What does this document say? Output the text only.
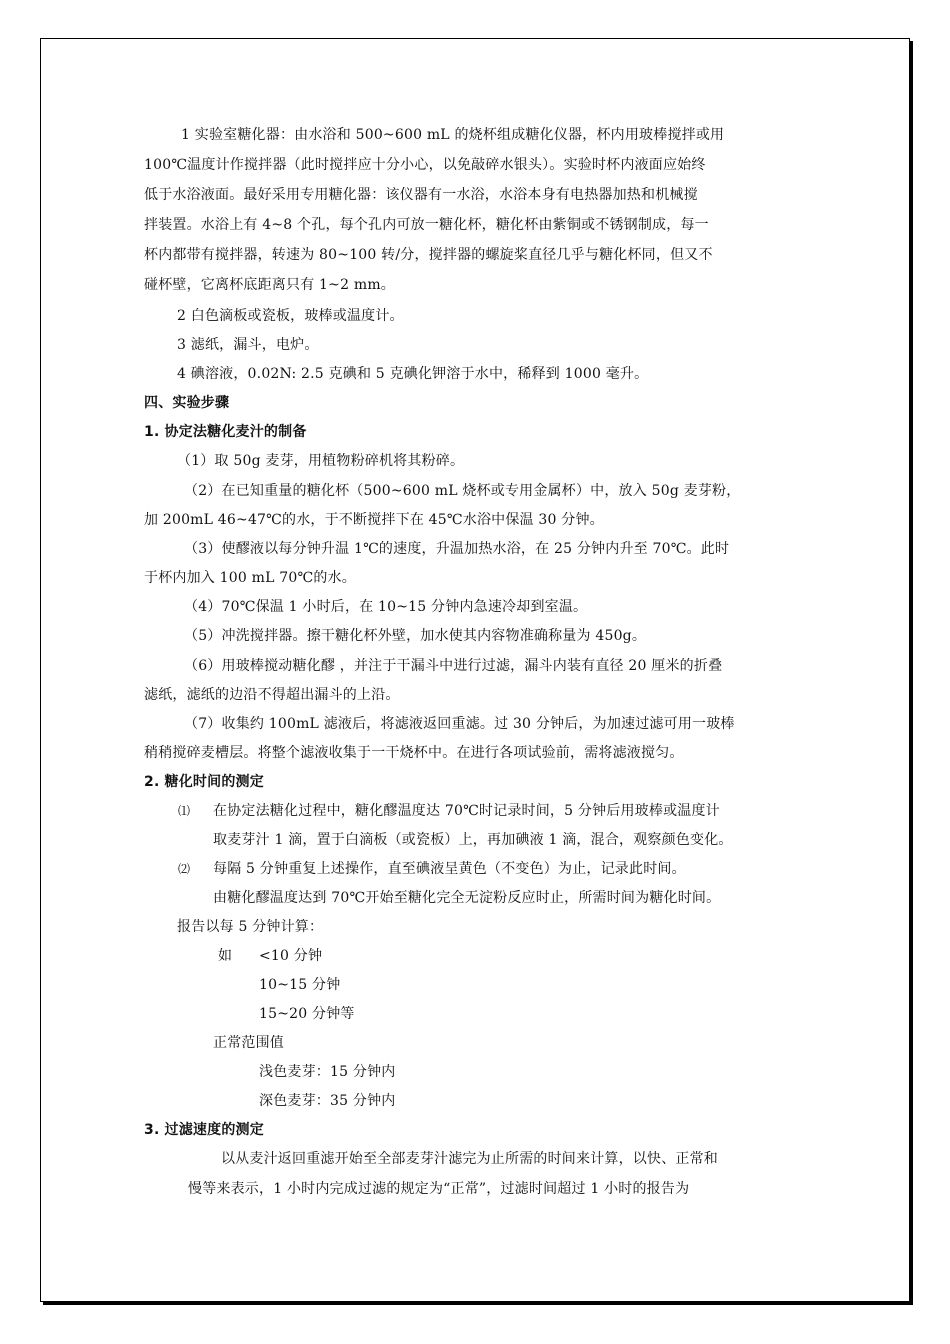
1 实验室糖化器：由水浴和 500~600 mL 的烧杯组成糖化仪器，杯内用玻棒搅拌或用
100℃温度计作搅拌器（此时搅拌应十分小心，以免敲碎水银头）。实验时杯内液面应始终
低于水浴液面。最好采用专用糖化器：该仪器有一水浴，水浴本身有电热器加热和机械搅
拌装置。水浴上有 4~8 个孔，每个孔内可放一糖化杯，糖化杯由紫铜或不锈钢制成，每一
杯内都带有搅拌器，转速为 80~100 转/分，搅拌器的螺旋桨直径几乎与糖化杯同，但又不
碰杯壁，它离杯底距离只有 1~2 mm。
2 白色滴板或瓷板，玻棒或温度计。
3 滤纸，漏斗，电炉。
4 碘溶液，0.02N: 2.5 克碘和 5 克碘化钾溶于水中，稀释到 1000 毫升。
四、实验步骤
1. 协定法糖化麦汁的制备
（1）取 50g 麦芽，用植物粉碎机将其粉碎。
（2）在已知重量的糖化杯（500~600 mL 烧杯或专用金属杯）中，放入 50g 麦芽粉，
加 200mL 46~47℃的水，于不断搅拌下在 45℃水浴中保温 30 分钟。
（3）使醪液以每分钟升温 1℃的速度，升温加热水浴，在 25 分钟内升至 70℃。此时
于杯内加入 100 mL 70℃的水。
（4）70℃保温 1 小时后，在 10~15 分钟内急速冷却到室温。
（5）冲洗搅拌器。擦干糖化杯外壁，加水使其内容物准确称量为 450g。
（6）用玻棒搅动糖化醪 ，并注于干漏斗中进行过滤，漏斗内装有直径 20 厘米的折叠
滤纸，滤纸的边沿不得超出漏斗的上沿。
（7）收集约 100mL 滤液后，将滤液返回重滤。过 30 分钟后，为加速过滤可用一玻棒
稍稍搅碎麦槽层。将整个滤液收集于一干烧杯中。在进行各项试验前，需将滤液搅匀。
2. 糖化时间的测定
⑴ 在协定法糖化过程中，糖化醪温度达 70℃时记录时间，5 分钟后用玻棒或温度计
取麦芽汁 1 滴，置于白滴板（或瓷板）上，再加碘液 1 滴，混合，观察颜色变化。
⑵ 每隔 5 分钟重复上述操作，直至碘液呈黄色（不变色）为止，记录此时间。
由糖化醪温度达到 70℃开始至糖化完全无淀粉反应时止，所需时间为糖化时间。
报告以每 5 分钟计算：
如 <10 分钟
10~15 分钟
15~20 分钟等
正常范围值
浅色麦芽：15 分钟内
深色麦芽：35 分钟内
3. 过滤速度的测定
以从麦汁返回重滤开始至全部麦芽汁滤完为止所需的时间来计算，以快、正常和
慢等来表示，1 小时内完成过滤的规定为“正常”，过滤时间超过 1 小时的报告为
